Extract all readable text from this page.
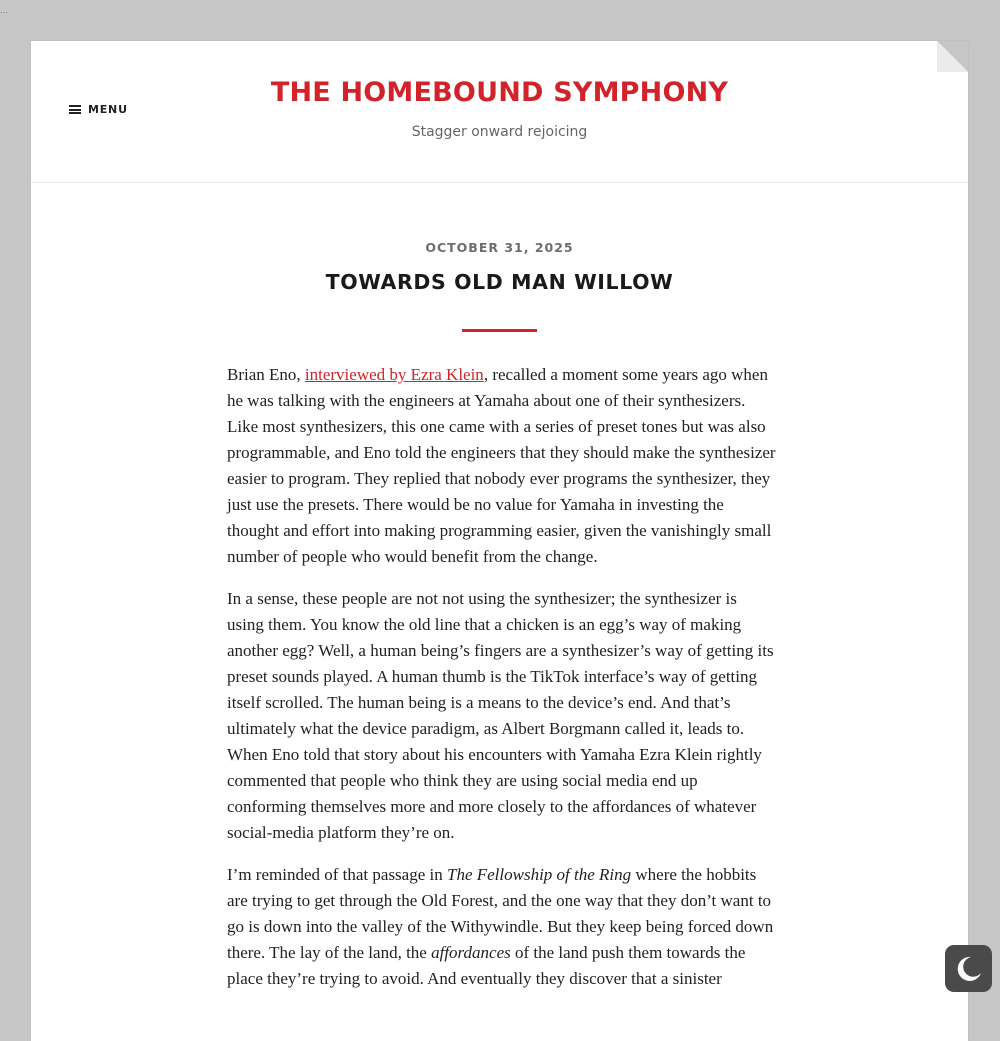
...
MENU
THE HOMEBOUND SYMPHONY
Stagger onward rejoicing
OCTOBER 31, 2025
TOWARDS OLD MAN WILLOW

Brian Eno, interviewed by Ezra Klein, recalled a moment some years ago when he was talking with the engineers at Yamaha about one of their synthesizers. Like most synthesizers, this one came with a series of preset tones but was also programmable, and Eno told the engineers that they should make the synthesizer easier to program. They replied that nobody ever programs the synthesizer, they just use the presets. There would be no value for Yamaha in investing the thought and effort into making programming easier, given the vanishingly small number of people who would benefit from the change.

In a sense, these people are not not using the synthesizer; the synthesizer is using them. You know the old line that a chicken is an egg’s way of making another egg? Well, a human being’s fingers are a synthesizer’s way of getting its preset sounds played. A human thumb is the TikTok interface’s way of getting itself scrolled. The human being is a means to the device’s end. And that’s ultimately what the device paradigm, as Albert Borgmann called it, leads to. When Eno told that story about his encounters with Yamaha Ezra Klein rightly commented that people who think they are using social media end up conforming themselves more and more closely to the affordances of whatever social-media platform they’re on.

I’m reminded of that passage in The Fellowship of the Ring where the hobbits are trying to get through the Old Forest, and the one way that they don’t want to go is down into the valley of the Withywindle. But they keep being forced down there. The lay of the land, the affordances of the land push them towards the place they’re trying to avoid. And eventually they discover that a sinister
